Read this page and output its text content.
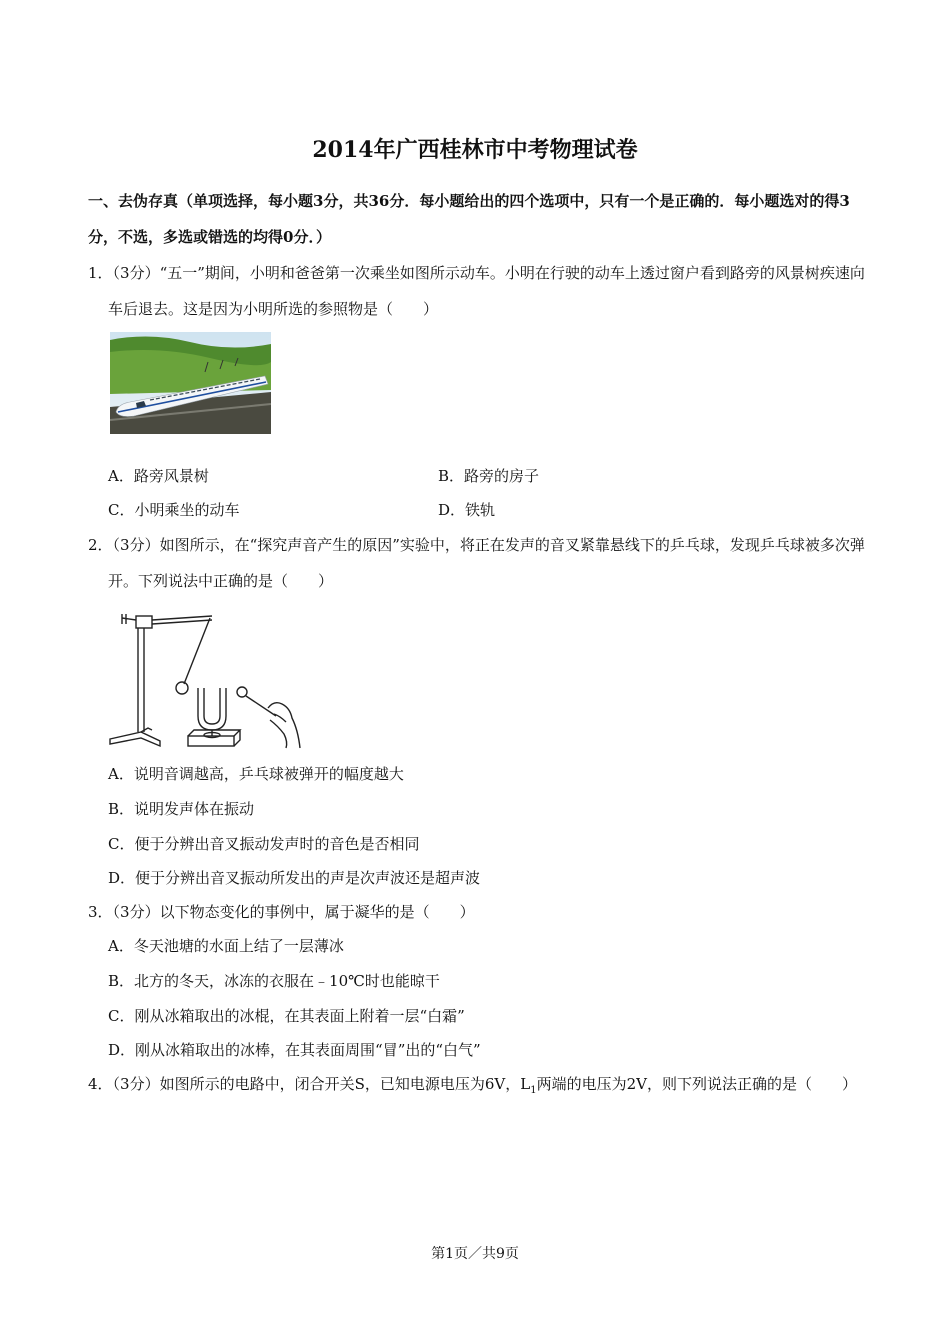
2014年广西桂林市中考物理试卷
一、去伪存真（单项选择，每小题3分，共36分．每小题给出的四个选项中，只有一个是正确的．每小题选对的得3分，不选，多选或错选的均得0分．）
1．（3分）“五一”期间，小明和爸爸第一次乘坐如图所示动车。小明在行驶的动车上透过窗户看到路旁的风景树疾速向车后退去。这是因为小明所选的参照物是（　　）
A．路旁风景树	B．路旁的房子
C．小明乘坐的动车	D．铁轨
2．（3分）如图所示，在“探究声音产生的原因”实验中，将正在发声的音叉紧靠悬线下的乒乓球，发现乒乓球被多次弹开。下列说法中正确的是（　　）
A．说明音调越高，乒乓球被弹开的幅度越大
B．说明发声体在振动
C．便于分辨出音叉振动发声时的音色是否相同
D．便于分辨出音叉振动所发出的声是次声波还是超声波
3．（3分）以下物态变化的事例中，属于凝华的是（　　）
A．冬天池塘的水面上结了一层薄冰
B．北方的冬天，冰冻的衣服在﹣10℃时也能晾干
C．刚从冰箱取出的冰棍，在其表面上附着一层“白霜”
D．刚从冰箱取出的冰棒，在其表面周围“冒”出的“白气”
4．（3分）如图所示的电路中，闭合开关S，已知电源电压为6V，$L_1$两端的电压为2V，则下列说法正确的是（　　）
第1页／共9页
